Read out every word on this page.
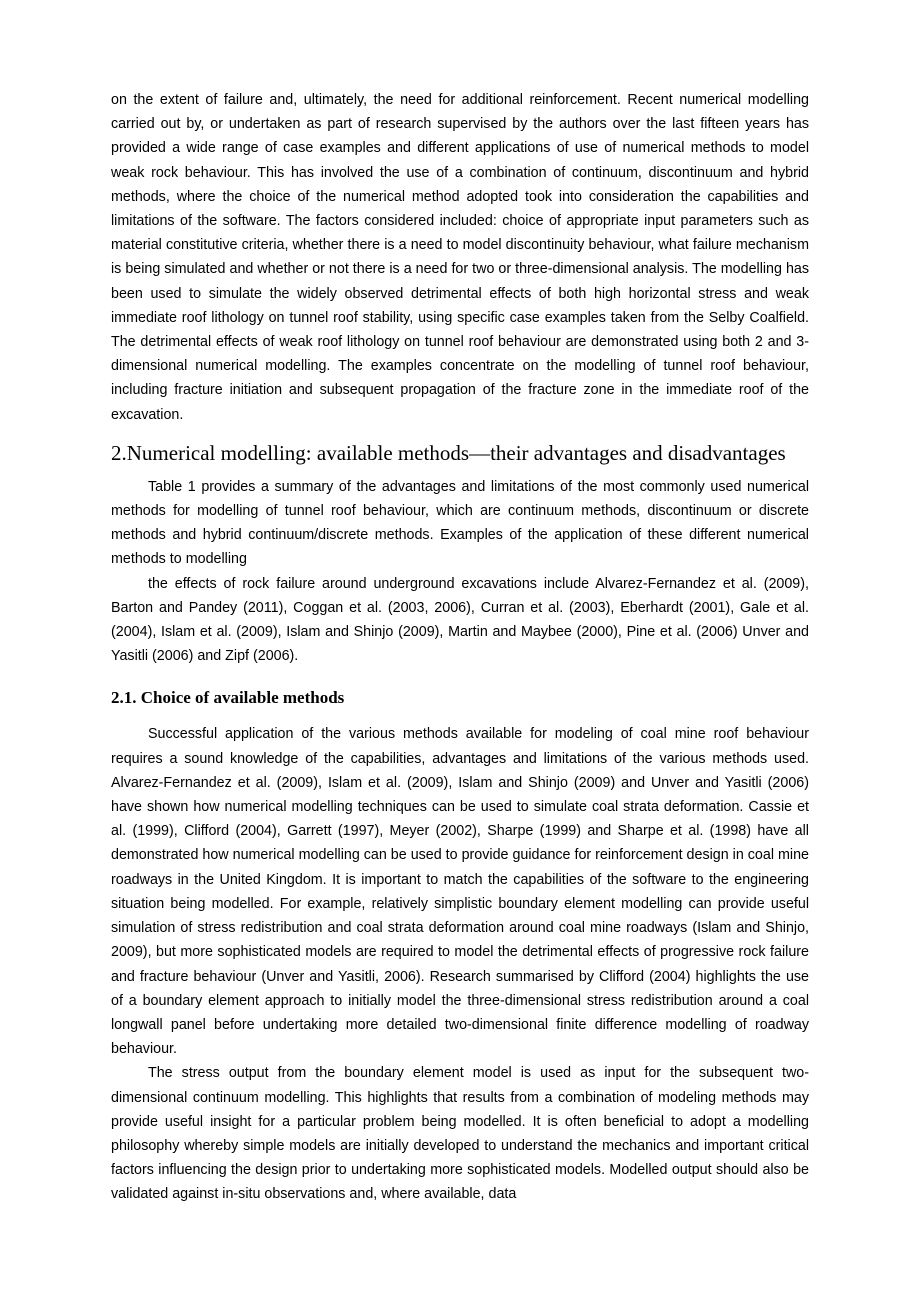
on the extent of failure and, ultimately, the need for additional reinforcement. Recent numerical modelling carried out by, or undertaken as part of research supervised by the authors over the last fifteen years has provided a wide range of case examples and different applications of use of numerical methods to model weak rock behaviour. This has involved the use of a combination of continuum, discontinuum and hybrid methods, where the choice of the numerical method adopted took into consideration the capabilities and limitations of the software. The factors considered included: choice of appropriate input parameters such as material constitutive criteria, whether there is a need to model discontinuity behaviour, what failure mechanism is being simulated and whether or not there is a need for two or three-dimensional analysis. The modelling has been used to simulate the widely observed detrimental effects of both high horizontal stress and weak immediate roof lithology on tunnel roof stability, using specific case examples taken from the Selby Coalfield. The detrimental effects of weak roof lithology on tunnel roof behaviour are demonstrated using both 2 and 3-dimensional numerical modelling. The examples concentrate on the modelling of tunnel roof behaviour, including fracture initiation and subsequent propagation of the fracture zone in the immediate roof of the excavation.

2.Numerical modelling: available methods—their advantages and disadvantages

Table 1 provides a summary of the advantages and limitations of the most commonly used numerical methods for modelling of tunnel roof behaviour, which are continuum methods, discontinuum or discrete methods and hybrid continuum/discrete methods. Examples of the application of these different numerical methods to modelling

the effects of rock failure around underground excavations include Alvarez-Fernandez et al. (2009), Barton and Pandey (2011), Coggan et al. (2003, 2006), Curran et al. (2003), Eberhardt (2001), Gale et al. (2004), Islam et al. (2009), Islam and Shinjo (2009), Martin and Maybee (2000), Pine et al. (2006) Unver and Yasitli (2006) and Zipf (2006).

2.1. Choice of available methods

Successful application of the various methods available for modeling of coal mine roof behaviour requires a sound knowledge of the capabilities, advantages and limitations of the various methods used. Alvarez-Fernandez et al. (2009), Islam et al. (2009), Islam and Shinjo (2009) and Unver and Yasitli (2006) have shown how numerical modelling techniques can be used to simulate coal strata deformation. Cassie et al. (1999), Clifford (2004), Garrett (1997), Meyer (2002), Sharpe (1999) and Sharpe et al. (1998) have all demonstrated how numerical modelling can be used to provide guidance for reinforcement design in coal mine roadways in the United Kingdom. It is important to match the capabilities of the software to the engineering situation being modelled. For example, relatively simplistic boundary element modelling can provide useful simulation of stress redistribution and coal strata deformation around coal mine roadways (Islam and Shinjo, 2009), but more sophisticated models are required to model the detrimental effects of progressive rock failure and fracture behaviour (Unver and Yasitli, 2006). Research summarised by Clifford (2004) highlights the use of a boundary element approach to initially model the three-dimensional stress redistribution around a coal longwall panel before undertaking more detailed two-dimensional finite difference modelling of roadway behaviour.

The stress output from the boundary element model is used as input for the subsequent two-dimensional continuum modelling. This highlights that results from a combination of modeling methods may provide useful insight for a particular problem being modelled. It is often beneficial to adopt a modelling philosophy whereby simple models are initially developed to understand the mechanics and important critical factors influencing the design prior to undertaking more sophisticated models. Modelled output should also be validated against in-situ observations and, where available, data
